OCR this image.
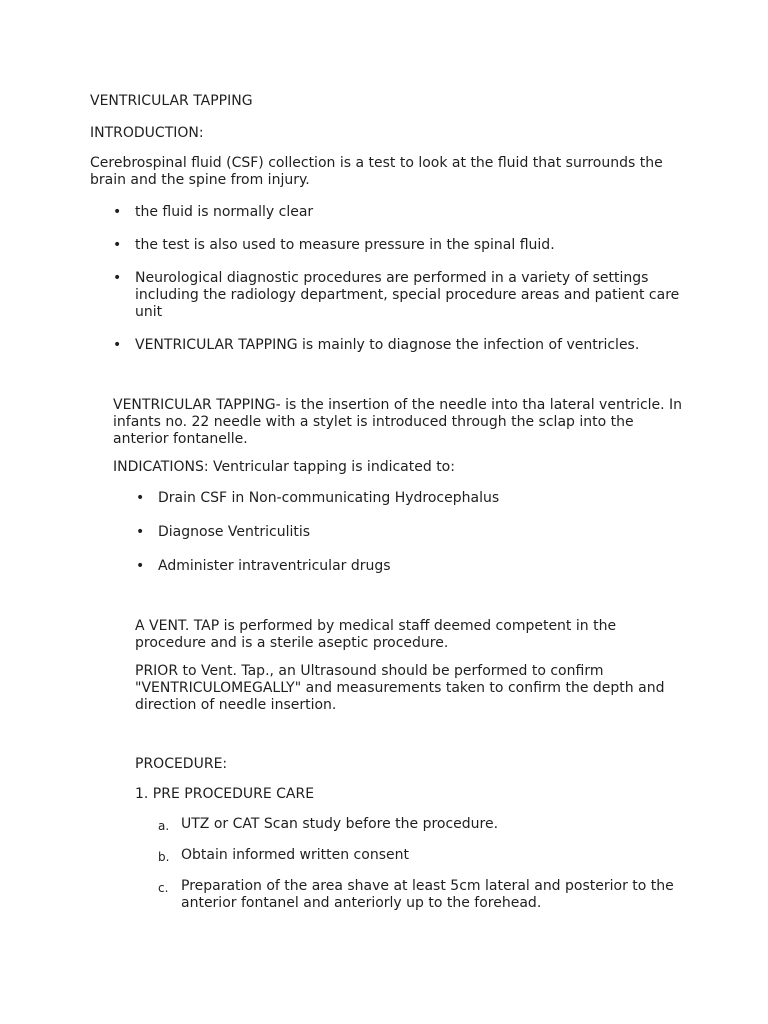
VENTRICULAR TAPPING

INTRODUCTION:

Cerebrospinal fluid (CSF) collection is a test to look at the fluid that surrounds the brain and the spine from injury.

• the fluid is normally clear
• the test is also used to measure pressure in the spinal fluid.
• Neurological diagnostic procedures are performed in a variety of settings including the radiology department, special procedure areas and patient care unit
• VENTRICULAR TAPPING is mainly to diagnose the infection of ventricles.

VENTRICULAR TAPPING- is the insertion of the needle into tha lateral ventricle. In infants no. 22 needle with a stylet is introduced through the sclap into the anterior fontanelle.

INDICATIONS: Ventricular tapping is indicated to:

• Drain CSF in Non-communicating Hydrocephalus
• Diagnose Ventriculitis
• Administer intraventricular drugs

A VENT. TAP is performed by medical staff deemed competent in the procedure and is a sterile aseptic procedure.

PRIOR to Vent. Tap., an Ultrasound should be performed to confirm "VENTRICULOMEGALLY" and measurements taken to confirm the depth and direction of needle insertion.

PROCEDURE:

1. PRE PROCEDURE CARE

a. UTZ or CAT Scan study before the procedure.
b. Obtain informed written consent
c. Preparation of the area shave at least 5cm lateral and posterior to the anterior fontanel and anteriorly up to the forehead.
